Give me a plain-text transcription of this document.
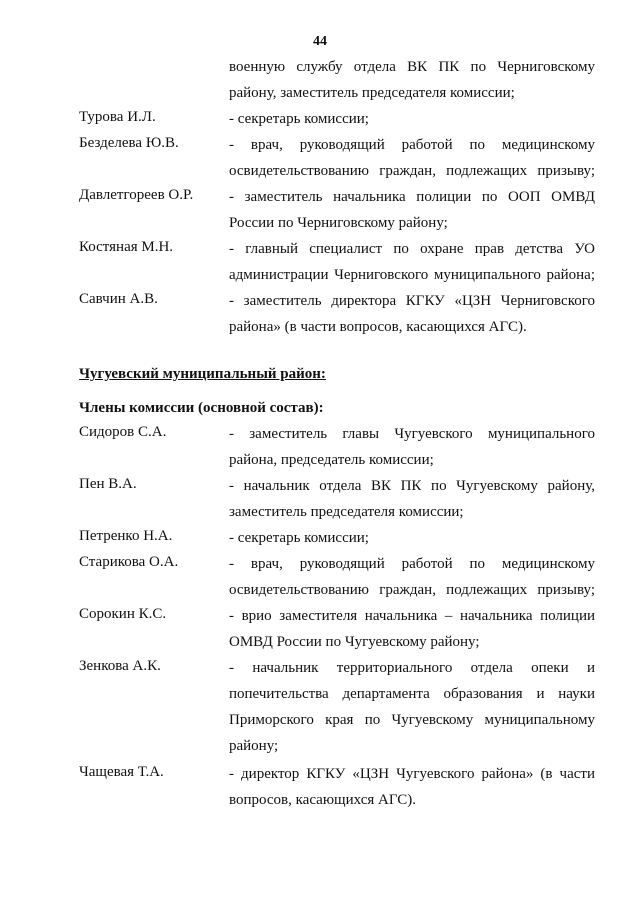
44
военную службу отдела ВК ПК по Черниговскому
району, заместитель председателя комиссии;
Турова И.Л.	- секретарь комиссии;
Безделева Ю.В.	- врач, руководящий работой по медицинскому
освидетельствованию граждан, подлежащих призыву;
Давлетгореев О.Р. - заместитель начальника полиции по ООП ОМВД
России по Черниговскому району;
Костяная М.Н.	- главный специалист по охране прав детства УО
администрации Черниговского муниципального района;
Савчин А.В.	- заместитель директора КГКУ «ЦЗН Черниговского
района» (в части вопросов, касающихся АГС).
Чугуевский муниципальный район:
Члены комиссии (основной состав):
Сидоров С.А.	- заместитель главы Чугуевского муниципального
района, председатель комиссии;
Пен В.А.	- начальник отдела ВК ПК по Чугуевскому району,
заместитель председателя комиссии;
Петренко Н.А.	- секретарь комиссии;
Старикова О.А.	- врач, руководящий работой по медицинскому
освидетельствованию граждан, подлежащих призыву;
Сорокин К.С.	- врио заместителя начальника – начальника полиции
ОМВД России по Чугуевскому району;
Зенкова А.К.	- начальник территориального отдела опеки и
попечительства департамента образования и науки
Приморского края по Чугуевскому муниципальному
району;
Чащевая Т.А.	- директор КГКУ «ЦЗН Чугуевского района» (в части
вопросов, касающихся АГС).
